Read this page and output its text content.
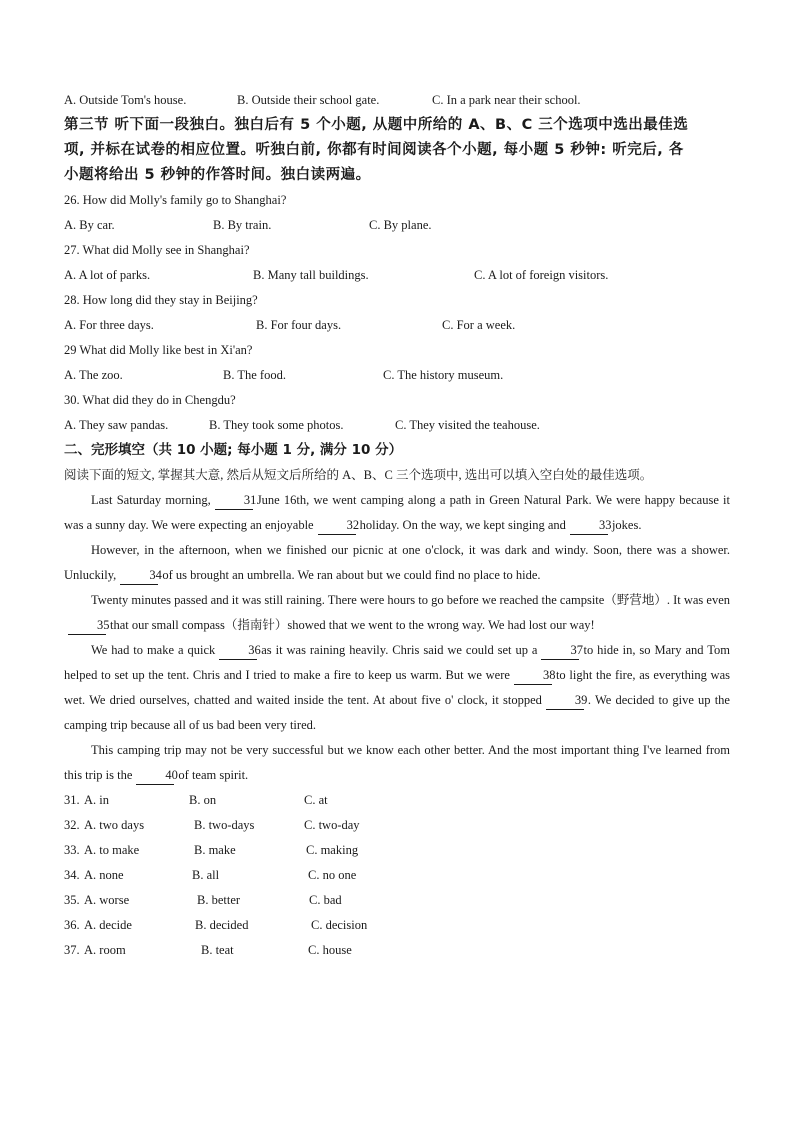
A. Outside Tom's house.	B. Outside their school gate.	C. In a park near their school.
第三节 听下面一段独白。独白后有 5 个小题, 从题中所给的 A、B、C 三个选项中选出最佳选
项, 并标在试卷的相应位置。听独白前, 你都有时间阅读各个小题, 每小题 5 秒钟: 听完后, 各
小题将给出 5 秒钟的作答时间。独白读两遍。
26. How did Molly's family go to Shanghai?
A. By car.	B. By train.	C. By plane.
27. What did Molly see in Shanghai?
A. A lot of parks.	B. Many tall buildings.	C. A lot of foreign visitors.
28. How long did they stay in Beijing?
A. For three days.	B. For four days.	C. For a week.
29 What did Molly like best in Xi'an?
A. The zoo.	B. The food.	C. The history museum.
30. What did they do in Chengdu?
A. They saw pandas.	B. They took some photos.	C. They visited the teahouse.
二、完形填空（共 10 小题; 每小题 1 分, 满分 10 分）

阅读下面的短文, 掌握其大意, 然后从短文后所给的 A、B、C 三个选项中, 选出可以填入空白处的最佳选项。

Last Saturday morning,	31June 16th, we went camping along a path in Green Natural Park. We were happy because it was a sunny day. We were expecting an enjoyable	32holiday. On the way, we kept singing and	33jokes.

However, in the afternoon, when we finished our picnic at one o'clock, it was dark and windy. Soon, there was a shower. Unluckily,	34of us brought an umbrella. We ran about but we could find no place to hide.

Twenty minutes passed and it was still raining. There were hours to go before we reached the campsite（野营地）. It was even35that our small compass（指南针）showed that we went to the wrong way. We had lost our way!

We had to make a quick	36as it was raining heavily. Chris said we could set up a	37to hide in, so Mary and Tom helped to set up the tent. Chris and I tried to make a fire to keep us warm. But we were	38to light the fire, as everything was wet. We dried ourselves, chatted and waited inside the tent. At about five o' clock, it stopped	39. We decided to give up the camping trip because all of us bad been very tired.

This camping trip may not be very successful but we know each other better. And the most important thing I've learned from this trip is the	40of team spirit.

31. A. in	B. on	C. at
32. A. two days	B. two-days	C. two-day
33. A. to make	B. make	C. making
34. A. none	B. all	C. no one
35. A. worse	B. better	C. bad
36. A. decide	B. decided	C. decision
37. A. room	B. teat	C. house
